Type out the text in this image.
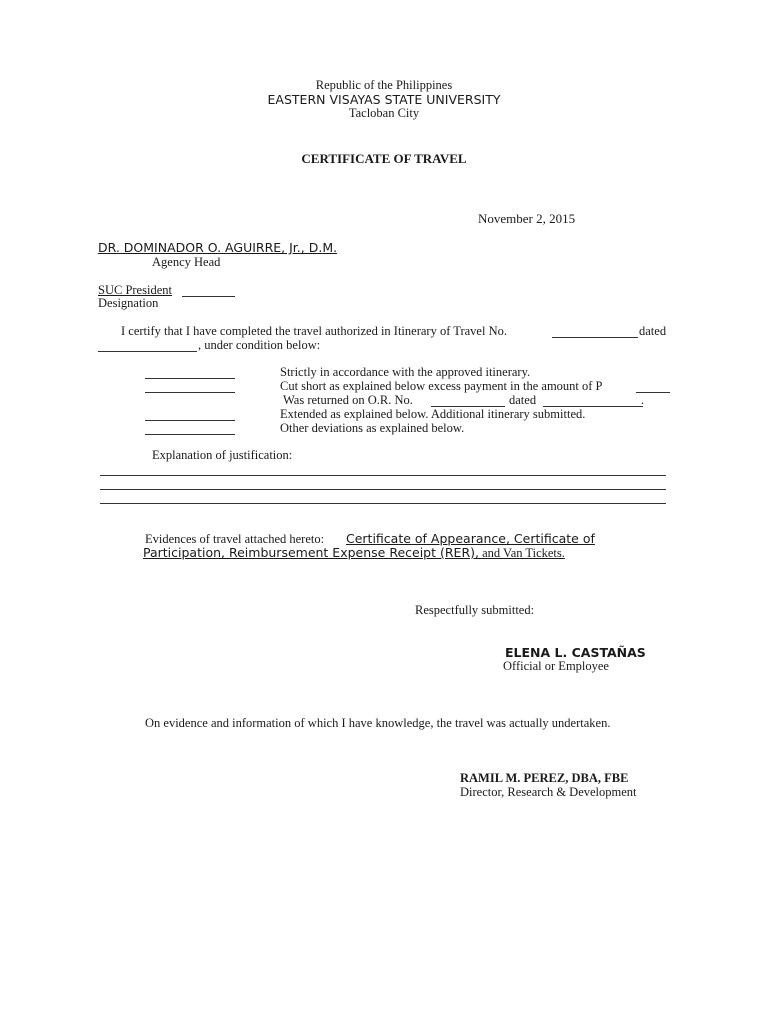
Republic of the Philippines
EASTERN VISAYAS STATE UNIVERSITY
Tacloban City
CERTIFICATE OF TRAVEL
November 2, 2015
DR. DOMINADOR O. AGUIRRE, Jr., D.M.
Agency Head
SUC President
Designation
I certify that I have completed the travel authorized in Itinerary of Travel No.	dated
, under condition below:
Strictly in accordance with the approved itinerary.
Cut short as explained below excess payment in the amount of P
Was returned on O.R. No.	dated	.
Extended as explained below. Additional itinerary submitted.
Other deviations as explained below.
Explanation of justification:
Evidences of travel attached hereto: Certificate of Appearance, Certificate of
Participation, Reimbursement Expense Receipt (RER), and Van Tickets.
Respectfully submitted:
ELENA L. CASTAÑAS
Official or Employee
On evidence and information of which I have knowledge, the travel was actually undertaken.
RAMIL M. PEREZ, DBA, FBE
Director, Research & Development
